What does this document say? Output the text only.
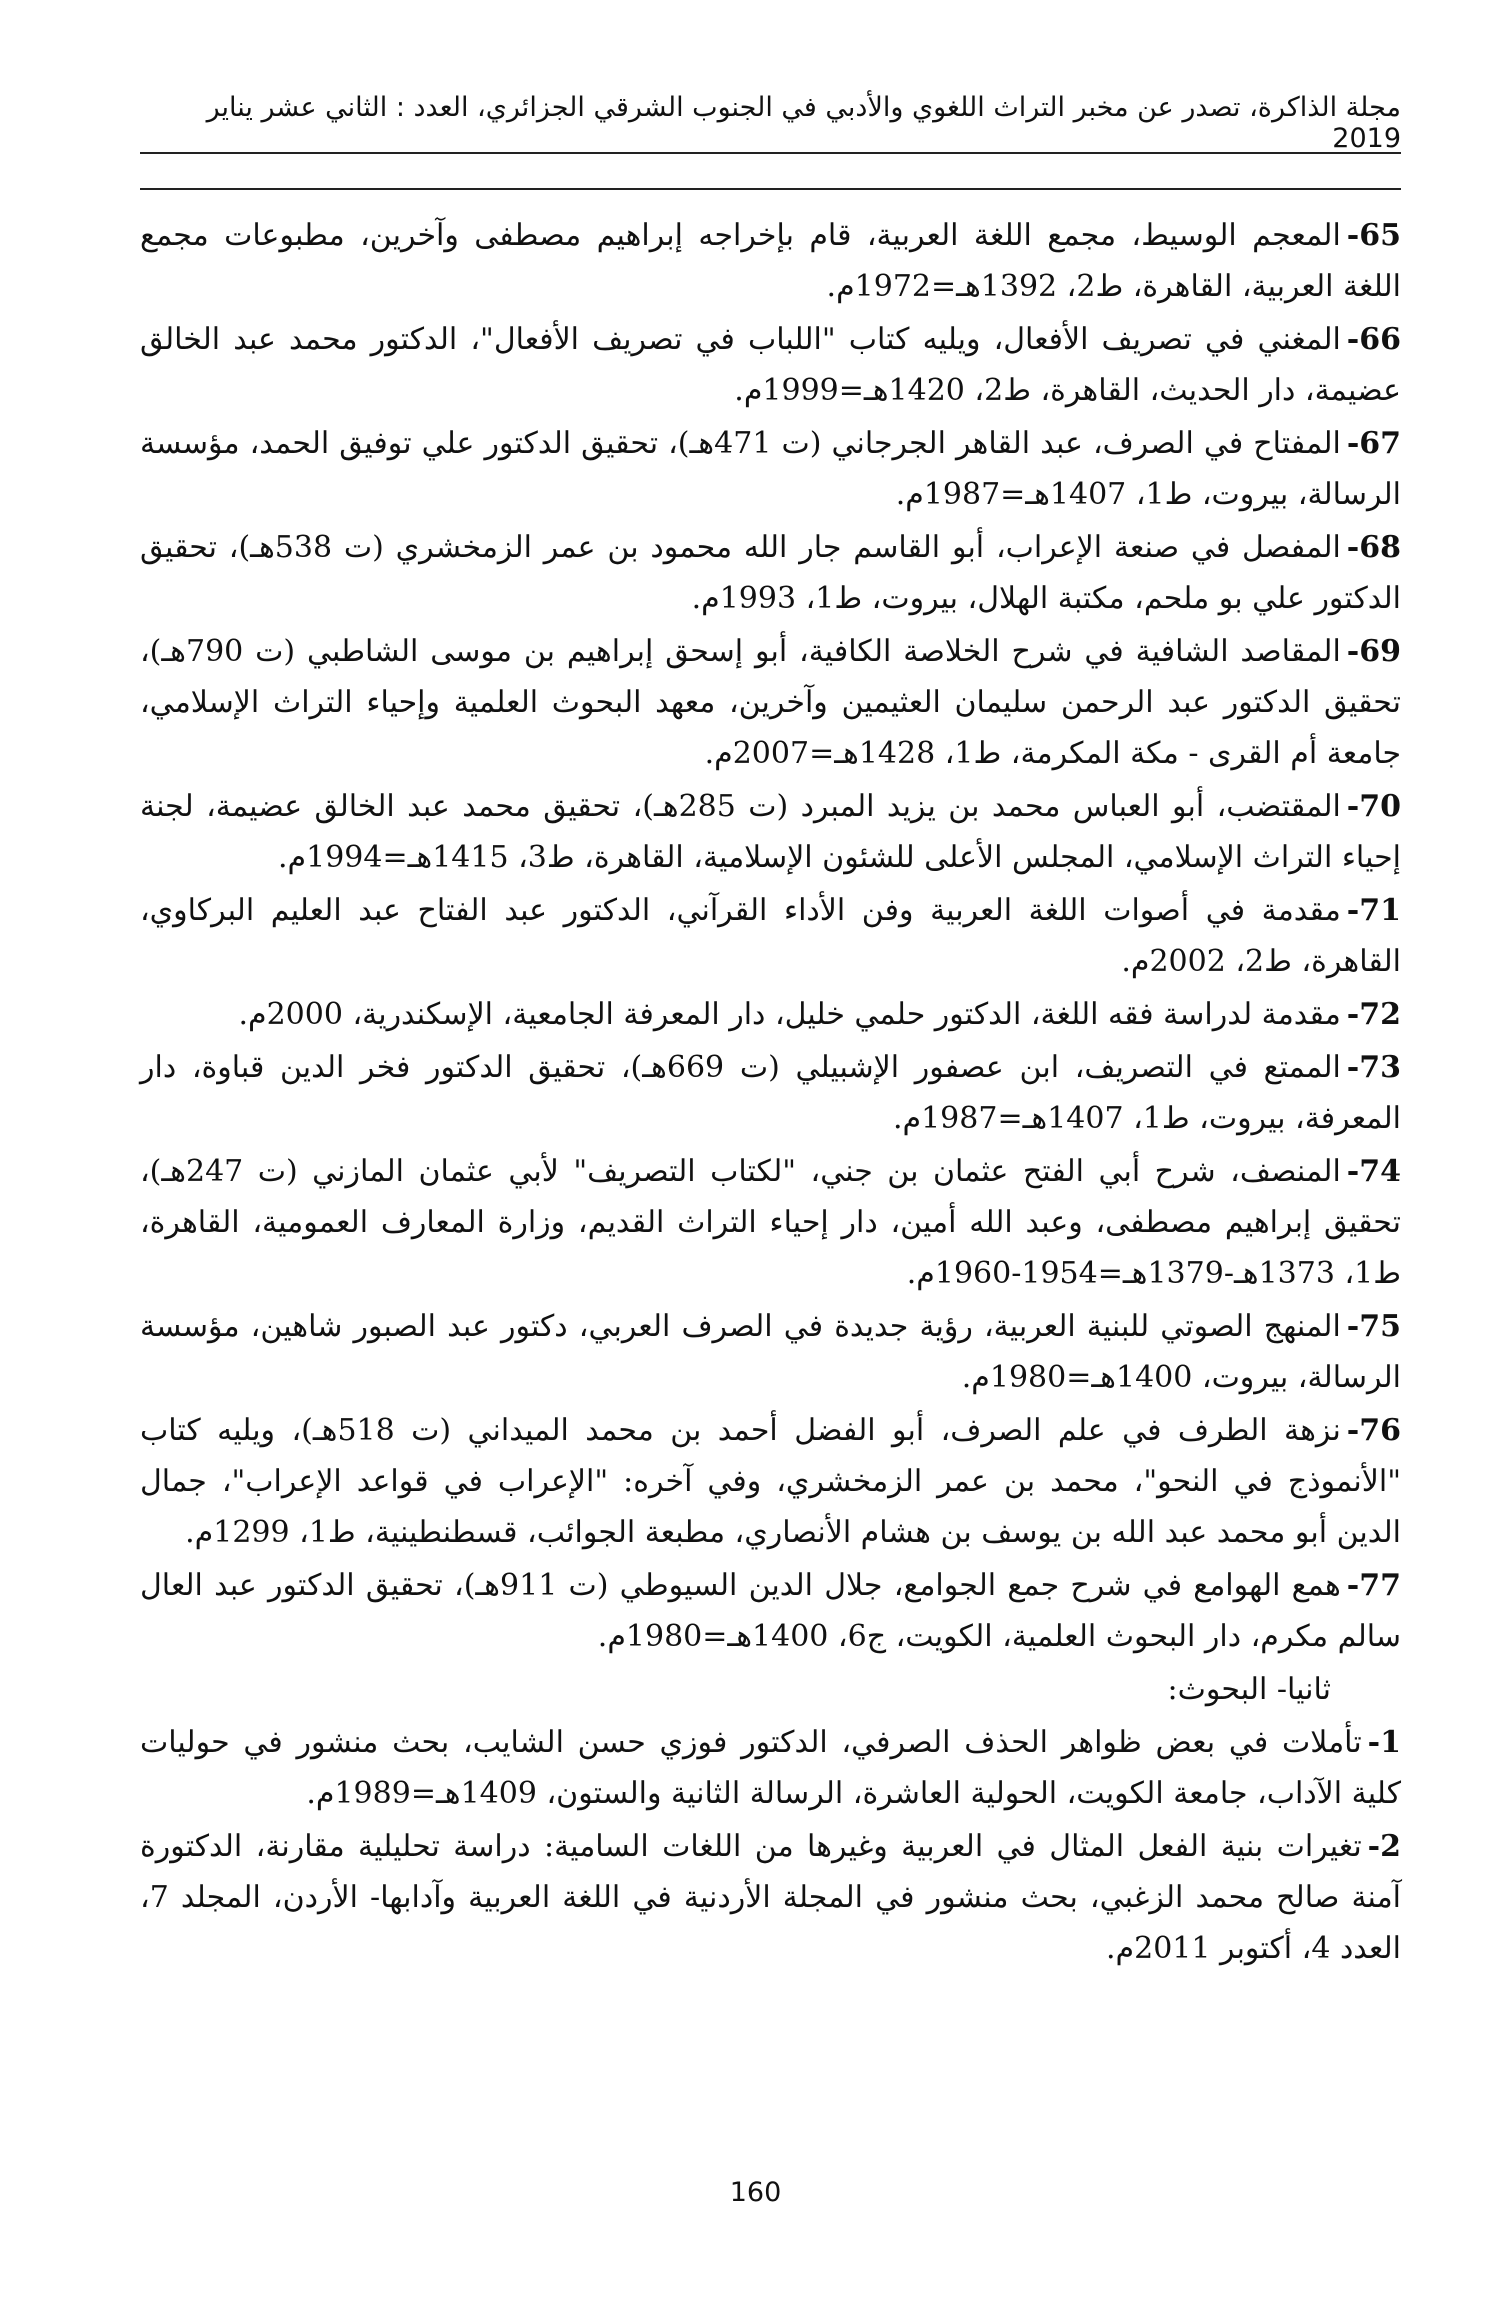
مجلة الذاكرة، تصدر عن مخبر التراث اللغوي والأدبي في الجنوب الشرقي الجزائري، العدد : الثاني عشر يناير 2019
65-المعجم الوسيط، مجمع اللغة العربية، قام بإخراجه إبراهيم مصطفى وآخرين، مطبوعات مجمع اللغة العربية، القاهرة، ط2، 1392هـ=1972م.
66-المغني في تصريف الأفعال، ويليه كتاب "اللباب في تصريف الأفعال"، الدكتور محمد عبد الخالق عضيمة، دار الحديث، القاهرة، ط2، 1420هـ=1999م.
67-المفتاح في الصرف، عبد القاهر الجرجاني (ت 471هـ)، تحقيق الدكتور علي توفيق الحمد، مؤسسة الرسالة، بيروت، ط1، 1407هـ=1987م.
68-المفصل في صنعة الإعراب، أبو القاسم جار الله محمود بن عمر الزمخشري (ت 538هـ)، تحقيق الدكتور علي بو ملحم، مكتبة الهلال، بيروت، ط1، 1993م.
69-المقاصد الشافية في شرح الخلاصة الكافية، أبو إسحق إبراهيم بن موسى الشاطبي (ت 790هـ)، تحقيق الدكتور عبد الرحمن سليمان العثيمين وآخرين، معهد البحوث العلمية وإحياء التراث الإسلامي، جامعة أم القرى - مكة المكرمة، ط1، 1428هـ=2007م.
70-المقتضب، أبو العباس محمد بن يزيد المبرد (ت 285هـ)، تحقيق محمد عبد الخالق عضيمة، لجنة إحياء التراث الإسلامي، المجلس الأعلى للشئون الإسلامية، القاهرة، ط3، 1415هـ=1994م.
71-مقدمة في أصوات اللغة العربية وفن الأداء القرآني، الدكتور عبد الفتاح عبد العليم البركاوي، القاهرة، ط2، 2002م.
72-مقدمة لدراسة فقه اللغة، الدكتور حلمي خليل، دار المعرفة الجامعية، الإسكندرية، 2000م.
73-الممتع في التصريف، ابن عصفور الإشبيلي (ت 669هـ)، تحقيق الدكتور فخر الدين قباوة، دار المعرفة، بيروت، ط1، 1407هـ=1987م.
74-المنصف، شرح أبي الفتح عثمان بن جني، "لكتاب التصريف" لأبي عثمان المازني (ت 247هـ)، تحقيق إبراهيم مصطفى، وعبد الله أمين، دار إحياء التراث القديم، وزارة المعارف العمومية، القاهرة، ط1، 1373هـ-1379هـ=1954-1960م.
75-المنهج الصوتي للبنية العربية، رؤية جديدة في الصرف العربي، دكتور عبد الصبور شاهين، مؤسسة الرسالة، بيروت، 1400هـ=1980م.
76-نزهة الطرف في علم الصرف، أبو الفضل أحمد بن محمد الميداني (ت 518هـ)، ويليه كتاب "الأنموذج في النحو"، محمد بن عمر الزمخشري، وفي آخره: "الإعراب في قواعد الإعراب"، جمال الدين أبو محمد عبد الله بن يوسف بن هشام الأنصاري، مطبعة الجوائب، قسطنطينية، ط1، 1299م.
77-همع الهوامع في شرح جمع الجوامع، جلال الدين السيوطي (ت 911هـ)، تحقيق الدكتور عبد العال سالم مكرم، دار البحوث العلمية، الكويت، ج6، 1400هـ=1980م.
ثانيا- البحوث:
1-تأملات في بعض ظواهر الحذف الصرفي، الدكتور فوزي حسن الشايب، بحث منشور في حوليات كلية الآداب، جامعة الكويت، الحولية العاشرة، الرسالة الثانية والستون، 1409هـ=1989م.
2-تغيرات بنية الفعل المثال في العربية وغيرها من اللغات السامية: دراسة تحليلية مقارنة، الدكتورة آمنة صالح محمد الزغبي، بحث منشور في المجلة الأردنية في اللغة العربية وآدابها- الأردن، المجلد 7، العدد 4، أكتوبر 2011م.
160
